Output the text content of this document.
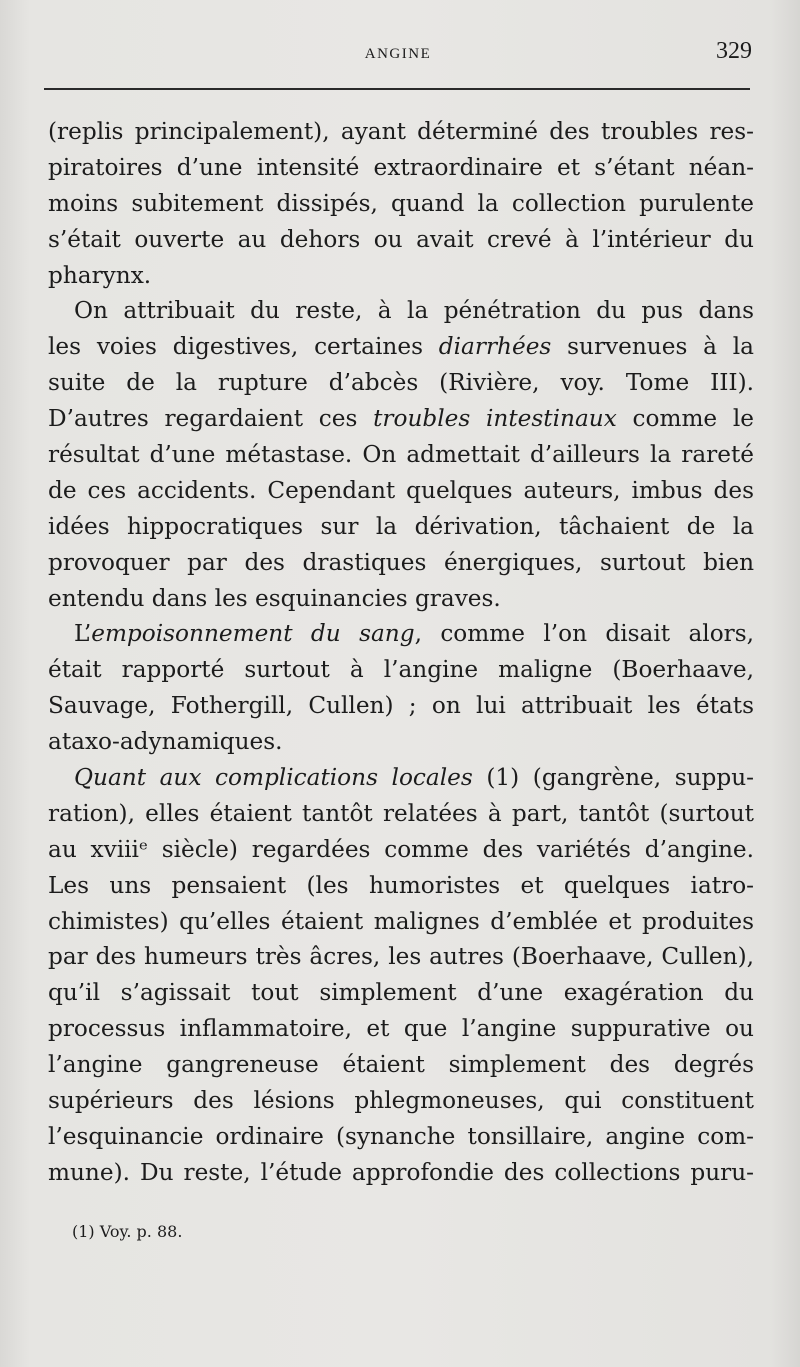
ANGINE	329
(replis principalement), ayant déterminé des troubles res-
piratoires d’une intensité extraordinaire et s’étant néan-
moins subitement dissipés, quand la collection purulente
s’était ouverte au dehors ou avait crevé à l’intérieur du
pharynx.
On attribuait du reste, à la pénétration du pus dans
les voies digestives, certaines diarrhées survenues à la
suite de la rupture d’abcès (Rivière, voy. Tome III).
D’autres regardaient ces troubles intestinaux comme le
résultat d’une métastase. On admettait d’ailleurs la rareté
de ces accidents. Cependant quelques auteurs, imbus des
idées hippocratiques sur la dérivation, tâchaient de la
provoquer par des drastiques énergiques, surtout bien
entendu dans les esquinancies graves.
L’empoisonnement du sang, comme l’on disait alors,
était rapporté surtout à l’angine maligne (Boerhaave,
Sauvage, Fothergill, Cullen) ; on lui attribuait les états
ataxo-adynamiques.
Quant aux complications locales (1) (gangrène, suppu-
ration), elles étaient tantôt relatées à part, tantôt (surtout
au xviiiᵉ siècle) regardées comme des variétés d’angine.
Les uns pensaient (les humoristes et quelques iatro-
chimistes) qu’elles étaient malignes d’emblée et produites
par des humeurs très âcres, les autres (Boerhaave, Cullen),
qu’il s’agissait tout simplement d’une exagération du
processus inflammatoire, et que l’angine suppurative ou
l’angine gangreneuse étaient simplement des degrés
supérieurs des lésions phlegmoneuses, qui constituent
l’esquinancie ordinaire (synanche tonsillaire, angine com-
mune). Du reste, l’étude approfondie des collections puru-
(1) Voy. p. 88.
